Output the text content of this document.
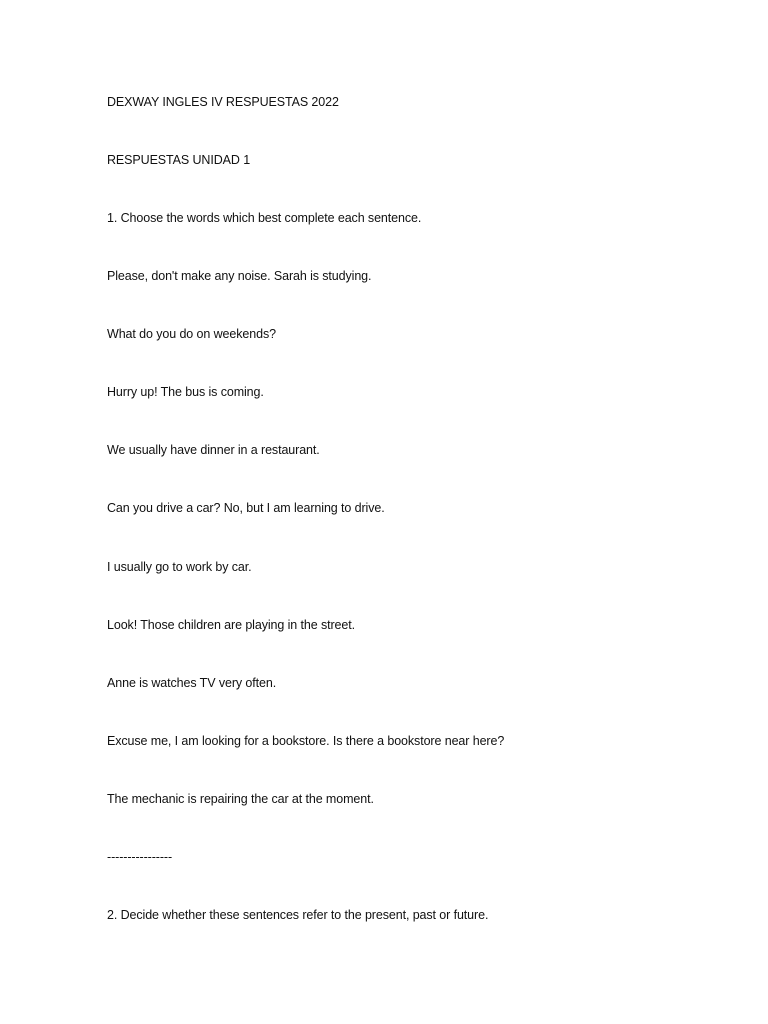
DEXWAY INGLES IV RESPUESTAS 2022
RESPUESTAS UNIDAD 1
1. Choose the words which best complete each sentence.
Please, don't make any noise. Sarah is studying.
What do you do on weekends?
Hurry up! The bus is coming.
We usually have dinner in a restaurant.
Can you drive a car? No, but I am learning to drive.
I usually go to work by car.
Look! Those children are playing in the street.
Anne is watches TV very often.
Excuse me, I am looking for a bookstore. Is there a bookstore near here?
The mechanic is repairing the car at the moment.
----------------
2. Decide whether these sentences refer to the present, past or future.
